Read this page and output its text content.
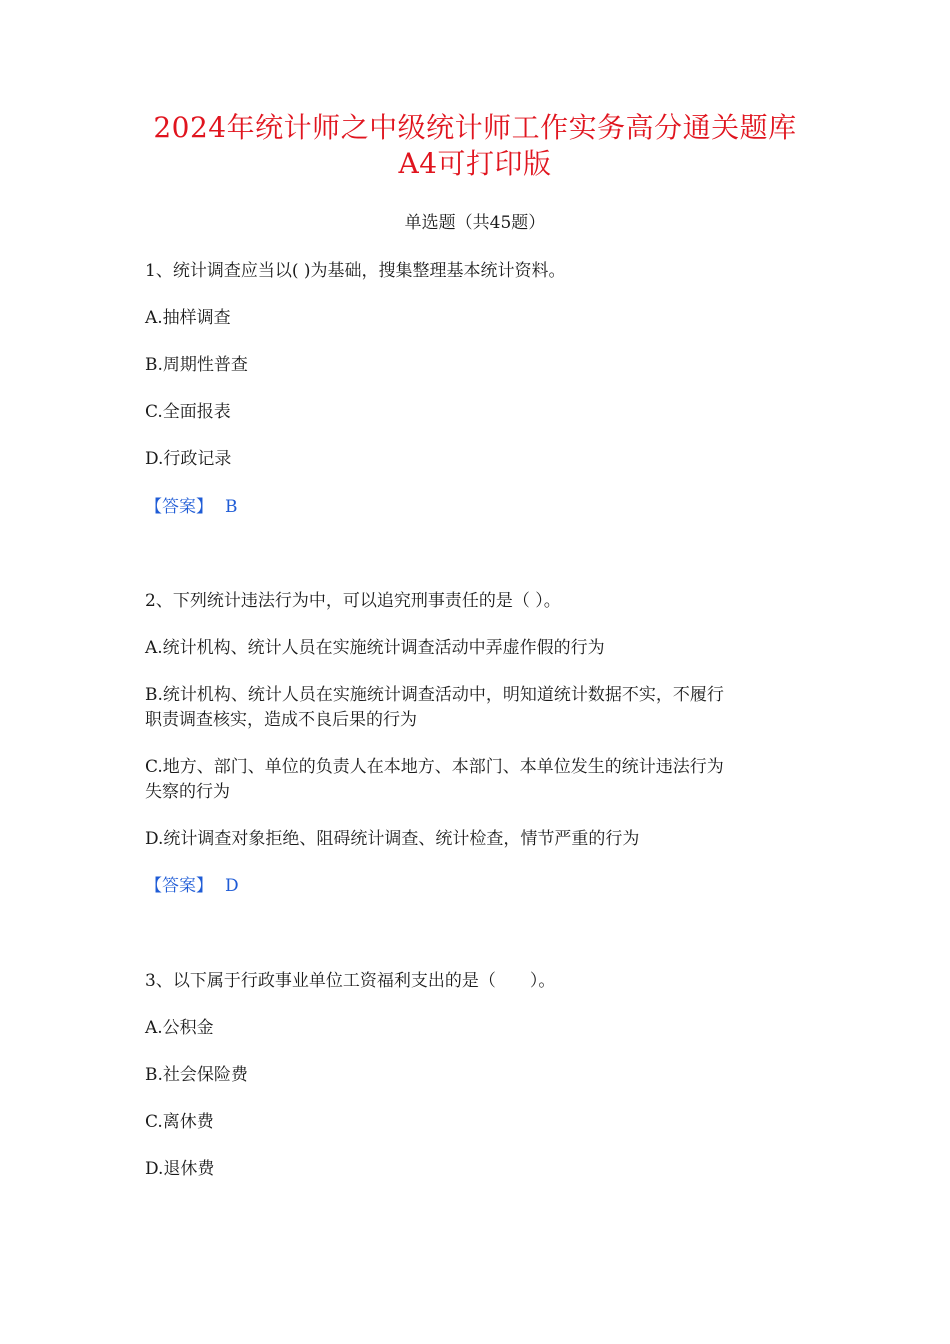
2024年统计师之中级统计师工作实务高分通关题库
A4可打印版
单选题（共45题）
1、统计调查应当以( )为基础，搜集整理基本统计资料。
A.抽样调查
B.周期性普查
C.全面报表
D.行政记录
【答案】 B
2、下列统计违法行为中，可以追究刑事责任的是（ ）。
A.统计机构、统计人员在实施统计调查活动中弄虚作假的行为
B.统计机构、统计人员在实施统计调查活动中，明知道统计数据不实，不履行
职责调查核实，造成不良后果的行为
C.地方、部门、单位的负责人在本地方、本部门、本单位发生的统计违法行为
失察的行为
D.统计调查对象拒绝、阻碍统计调查、统计检查，情节严重的行为
【答案】 D
3、以下属于行政事业单位工资福利支出的是（　　）。
A.公积金
B.社会保险费
C.离休费
D.退休费
